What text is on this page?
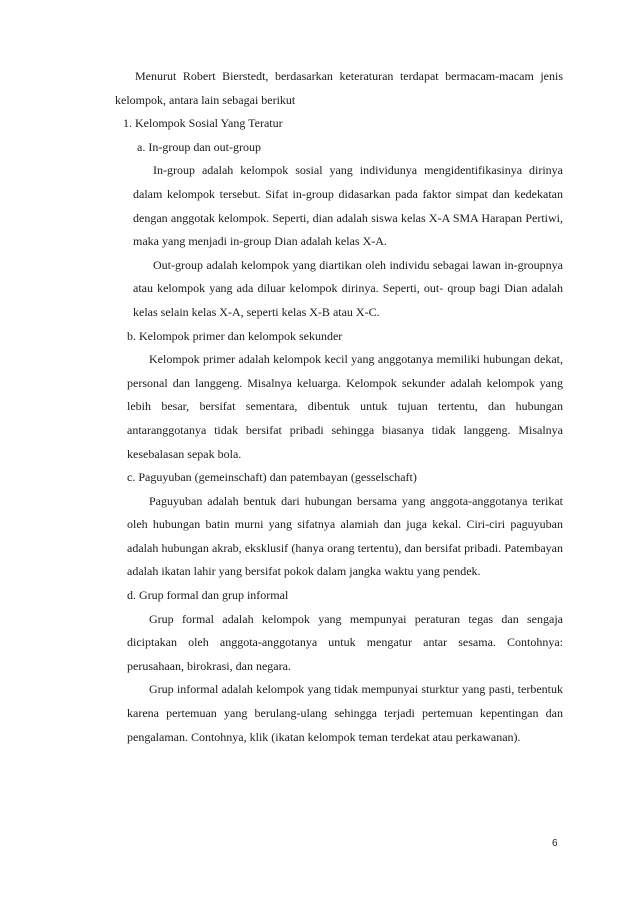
Menurut Robert Bierstedt, berdasarkan keteraturan terdapat bermacam-macam jenis kelompok, antara lain sebagai berikut

1. Kelompok Sosial Yang Teratur

a. In-group dan out-group

In-group adalah kelompok sosial yang individunya mengidentifikasinya dirinya dalam kelompok tersebut. Sifat in-group didasarkan pada faktor simpat dan kedekatan dengan anggotak kelompok. Seperti, dian adalah siswa kelas X-A SMA Harapan Pertiwi, maka yang menjadi in-group Dian adalah kelas X-A.

Out-group adalah kelompok yang diartikan oleh individu sebagai lawan in-groupnya atau kelompok yang ada diluar kelompok dirinya. Seperti, out- qroup bagi Dian adalah kelas selain kelas X-A, seperti kelas X-B atau X-C.

b. Kelompok primer dan kelompok sekunder

Kelompok primer adalah kelompok kecil yang anggotanya memiliki hubungan dekat, personal dan langgeng. Misalnya keluarga. Kelompok sekunder adalah kelompok yang lebih besar, bersifat sementara, dibentuk untuk tujuan tertentu, dan hubungan antaranggotanya tidak bersifat pribadi sehingga biasanya tidak langgeng. Misalnya kesebalasan sepak bola.

c. Paguyuban (gemeinschaft) dan patembayan (gesselschaft)

Paguyuban adalah bentuk dari hubungan bersama yang anggota-anggotanya terikat oleh hubungan batin murni yang sifatnya alamiah dan juga kekal. Ciri-ciri paguyuban adalah hubungan akrab, eksklusif (hanya orang tertentu), dan bersifat pribadi. Patembayan adalah ikatan lahir yang bersifat pokok dalam jangka waktu yang pendek.

d. Grup formal dan grup informal

Grup formal adalah kelompok yang mempunyai peraturan tegas dan sengaja diciptakan oleh anggota-anggotanya untuk mengatur antar sesama. Contohnya: perusahaan, birokrasi, dan negara.

Grup informal adalah kelompok yang tidak mempunyai sturktur yang pasti, terbentuk karena pertemuan yang berulang-ulang sehingga terjadi pertemuan kepentingan dan pengalaman. Contohnya, klik (ikatan kelompok teman terdekat atau perkawanan).

6
